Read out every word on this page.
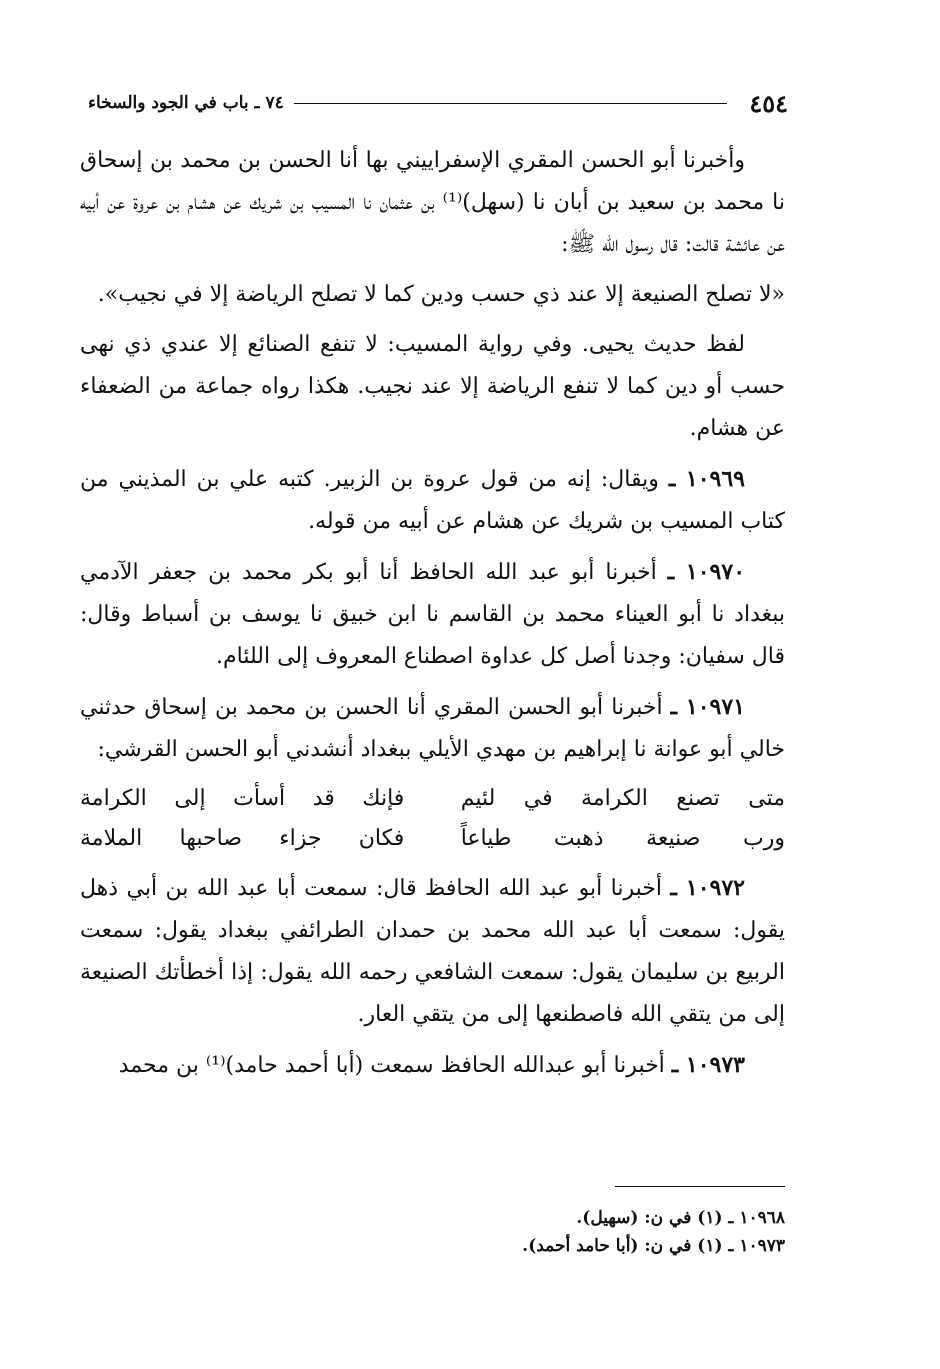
٤٥٤
٧٤ ـ باب في الجود والسخاء

وأخبرنا أبو الحسن المقري الإسفراييني بها أنا الحسن بن محمد بن إسحاق نا محمد بن سعيد بن أبان نا (سهل)⁽¹⁾ بن عثمان نا المسيب بن شريك عن هشام بن عروة عن أبيه عن عائشة قالت: قال رسول الله ﷺ:

«لا تصلح الصنيعة إلا عند ذي حسب ودين كما لا تصلح الرياضة إلا في نجيب».

لفظ حديث يحيى. وفي رواية المسيب: لا تنفع الصنائع إلا عندي ذي نهى حسب أو دين كما لا تنفع الرياضة إلا عند نجيب. هكذا رواه جماعة من الضعفاء عن هشام.

١٠٩٦٩ ـ ويقال: إنه من قول عروة بن الزبير. كتبه علي بن المذيني من كتاب المسيب بن شريك عن هشام عن أبيه من قوله.

١٠٩٧٠ ـ أخبرنا أبو عبد الله الحافظ أنا أبو بكر محمد بن جعفر الآدمي ببغداد نا أبو العيناء محمد بن القاسم نا ابن خبيق نا يوسف بن أسباط وقال: قال سفيان: وجدنا أصل كل عداوة اصطناع المعروف إلى اللئام.

١٠٩٧١ ـ أخبرنا أبو الحسن المقري أنا الحسن بن محمد بن إسحاق حدثني خالي أبو عوانة نا إبراهيم بن مهدي الأيلي ببغداد أنشدني أبو الحسن القرشي:

متى تصنع الكرامة في لئيم
فإنك قد أسأت إلى الكرامة
ورب صنيعة ذهبت طياعاً
فكان جزاء صاحبها الملامة

١٠٩٧٢ ـ أخبرنا أبو عبد الله الحافظ قال: سمعت أبا عبد الله بن أبي ذهل يقول: سمعت أبا عبد الله محمد بن حمدان الطرائفي ببغداد يقول: سمعت الربيع بن سليمان يقول: سمعت الشافعي رحمه الله يقول: إذا أخطأتك الصنيعة إلى من يتقي الله فاصطنعها إلى من يتقي العار.

١٠٩٧٣ ـ أخبرنا أبو عبدالله الحافظ سمعت (أبا أحمد حامد)⁽¹⁾ بن محمد

١٠٩٦٨ ـ (١) في ن: (سهيل).

١٠٩٧٣ ـ (١) في ن: (أبا حامد أحمد).
